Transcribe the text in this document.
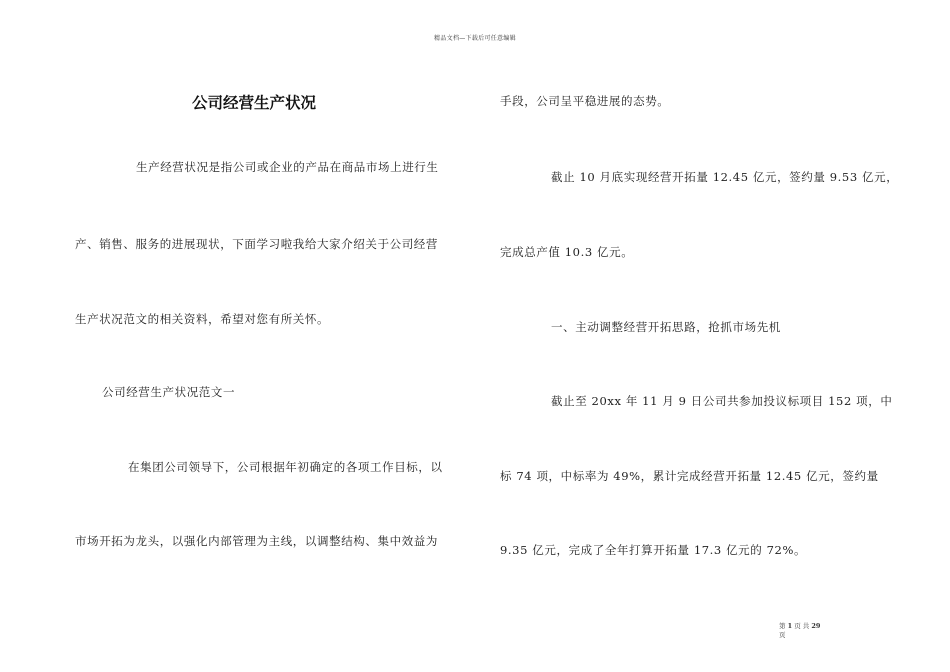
精品文档—下载后可任意编辑
公司经营生产状况
生产经营状况是指公司或企业的产品在商品市场上进行生
产、销售、服务的进展现状，下面学习啦我给大家介绍关于公司经营
生产状况范文的相关资料，希望对您有所关怀。
公司经营生产状况范文一
在集团公司领导下，公司根据年初确定的各项工作目标，以
市场开拓为龙头，以强化内部管理为主线，以调整结构、集中效益为
手段，公司呈平稳进展的态势。
截止 10 月底实现经营开拓量 12.45 亿元，签约量 9.53 亿元，
完成总产值 10.3 亿元。
一、主动调整经营开拓思路，抢抓市场先机
截止至 20xx 年 11 月 9 日公司共参加投议标项目 152 项，中
标 74 项，中标率为 49%，累计完成经营开拓量 12.45 亿元，签约量
9.35 亿元，完成了全年打算开拓量 17.3 亿元的 72%。
第 1 页 共 29
页
